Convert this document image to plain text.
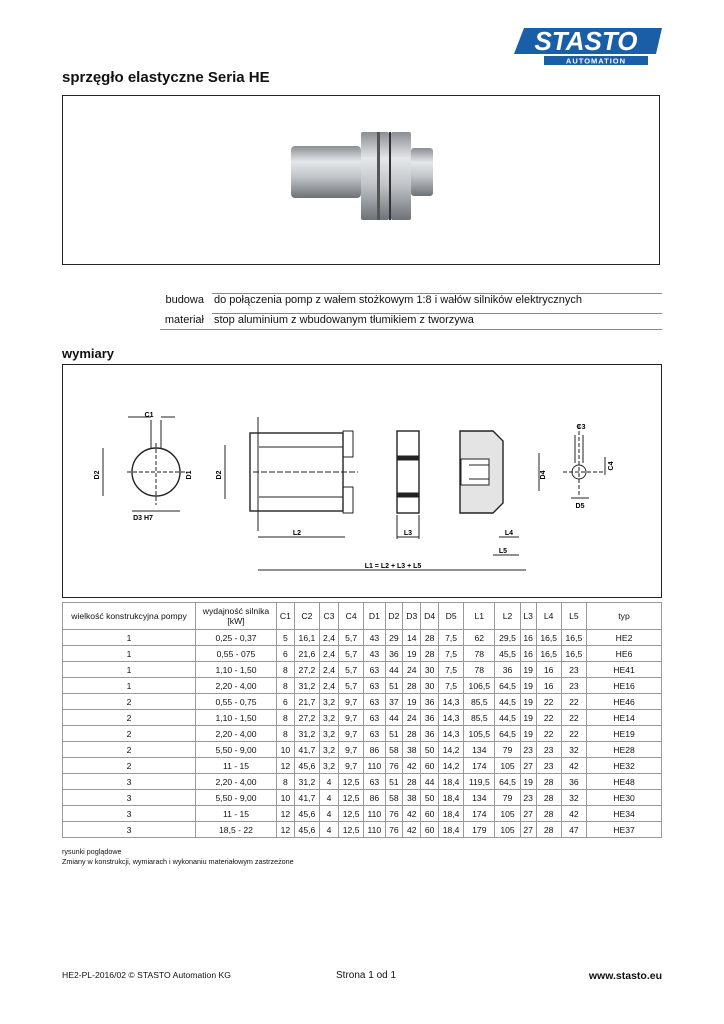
STASTO
AUTOMATION
sprzęgło elastyczne Seria HE
budowa do połączenia pomp z wałem stożkowym 1:8 i wałów silników elektrycznych
materiał stop aluminium z wbudowanym tłumikiem z tworzywa
wymiary
C1
D3 H7
D2	D1	D2
L2	L3
D4
L4
L5
C3
C4
D5
L1 = L2 + L3 + L5
wielkość konstrukcyjna pompy	wydajność silnika [kW]	C1	C2	C3	C4	D1	D2	D3	D4	D5	L1	L2	L3	L4	L5	typ
1	0,25 - 0,37	5	16,1	2,4	5,7	43	29	14	28	7,5	62	29,5	16	16,5	16,5	HE2
1	0,55 - 075	6	21,6	2,4	5,7	43	36	19	28	7,5	78	45,5	16	16,5	16,5	HE6
1	1,10 - 1,50	8	27,2	2,4	5,7	63	44	24	30	7,5	78	36	19	16	23	HE41
1	2,20 - 4,00	8	31,2	2,4	5,7	63	51	28	30	7,5	106,5	64,5	19	16	23	HE16
2	0,55 - 0,75	6	21,7	3,2	9,7	63	37	19	36	14,3	85,5	44,5	19	22	22	HE46
2	1,10 - 1,50	8	27,2	3,2	9,7	63	44	24	36	14,3	85,5	44,5	19	22	22	HE14
2	2,20 - 4,00	8	31,2	3,2	9,7	63	51	28	36	14,3	105,5	64,5	19	22	22	HE19
2	5,50 - 9,00	10	41,7	3,2	9,7	86	58	38	50	14,2	134	79	23	23	32	HE28
2	11 - 15	12	45,6	3,2	9,7	110	76	42	60	14,2	174	105	27	23	42	HE32
3	2,20 - 4,00	8	31,2	4	12,5	63	51	28	44	18,4	119,5	64,5	19	28	36	HE48
3	5,50 - 9,00	10	41,7	4	12,5	86	58	38	50	18,4	134	79	23	28	32	HE30
3	11 - 15	12	45,6	4	12,5	110	76	42	60	18,4	174	105	27	28	42	HE34
3	18,5 - 22	12	45,6	4	12,5	110	76	42	60	18,4	179	105	27	28	47	HE37
rysunki poglądowe
Zmiany w konstrukcji, wymiarach i wykonaniu materiałowym zastrzeżone
HE2-PL-2016/02 © STASTO Automation KG	Strona 1 od 1	www.stasto.eu
